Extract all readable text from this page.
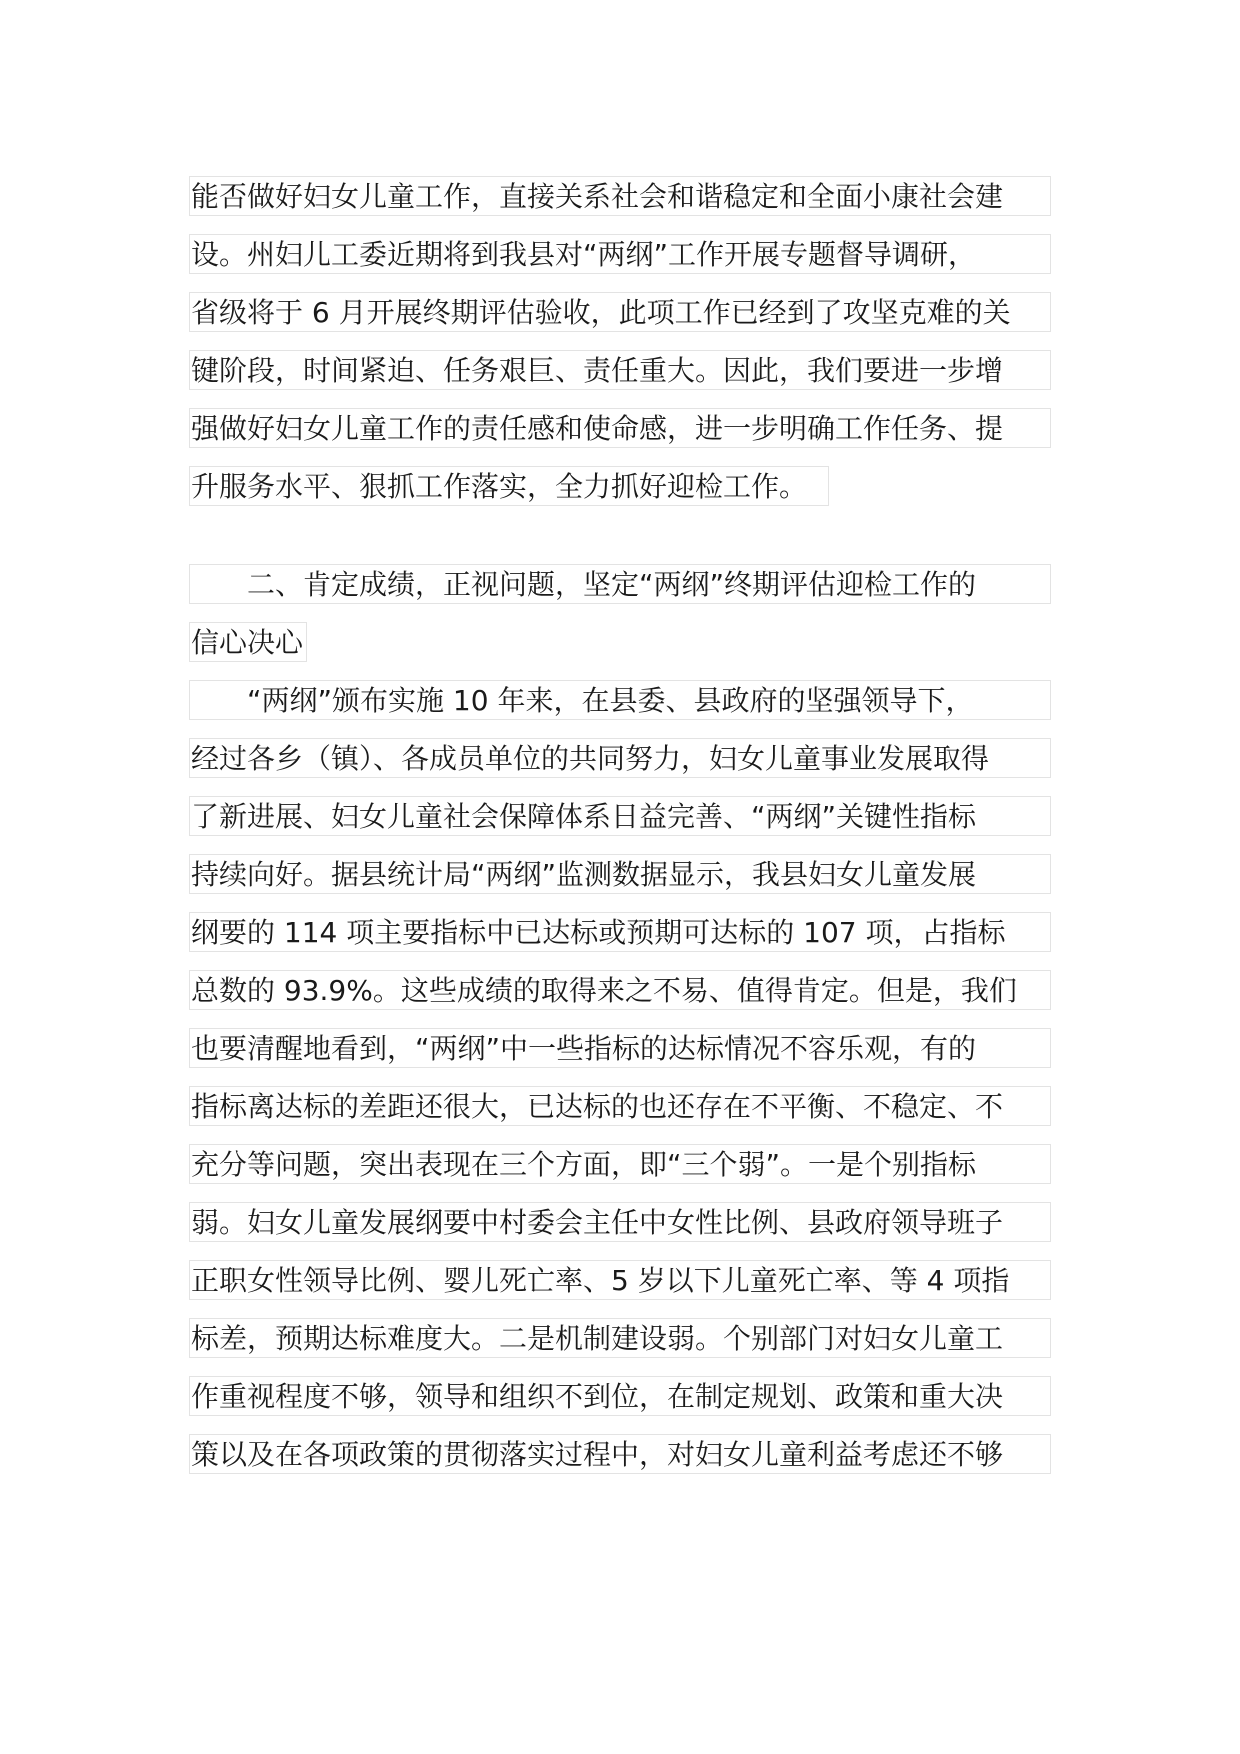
能否做好妇女儿童工作，直接关系社会和谐稳定和全面小康社会建
设。州妇儿工委近期将到我县对“两纲”工作开展专题督导调研，
省级将于 6 月开展终期评估验收，此项工作已经到了攻坚克难的关
键阶段，时间紧迫、任务艰巨、责任重大。因此，我们要进一步增
强做好妇女儿童工作的责任感和使命感，进一步明确工作任务、提
升服务水平、狠抓工作落实，全力抓好迎检工作。
　　二、肯定成绩，正视问题，坚定“两纲”终期评估迎检工作的
信心决心
　　“两纲”颁布实施 10 年来，在县委、县政府的坚强领导下，
经过各乡（镇）、各成员单位的共同努力，妇女儿童事业发展取得
了新进展、妇女儿童社会保障体系日益完善、“两纲”关键性指标
持续向好。据县统计局“两纲”监测数据显示，我县妇女儿童发展
纲要的 114 项主要指标中已达标或预期可达标的 107 项，占指标
总数的 93.9%。这些成绩的取得来之不易、值得肯定。但是，我们
也要清醒地看到，“两纲”中一些指标的达标情况不容乐观，有的
指标离达标的差距还很大，已达标的也还存在不平衡、不稳定、不
充分等问题，突出表现在三个方面，即“三个弱”。一是个别指标
弱。妇女儿童发展纲要中村委会主任中女性比例、县政府领导班子
正职女性领导比例、婴儿死亡率、5 岁以下儿童死亡率、等 4 项指
标差，预期达标难度大。二是机制建设弱。个别部门对妇女儿童工
作重视程度不够，领导和组织不到位，在制定规划、政策和重大决
策以及在各项政策的贯彻落实过程中，对妇女儿童利益考虑还不够
